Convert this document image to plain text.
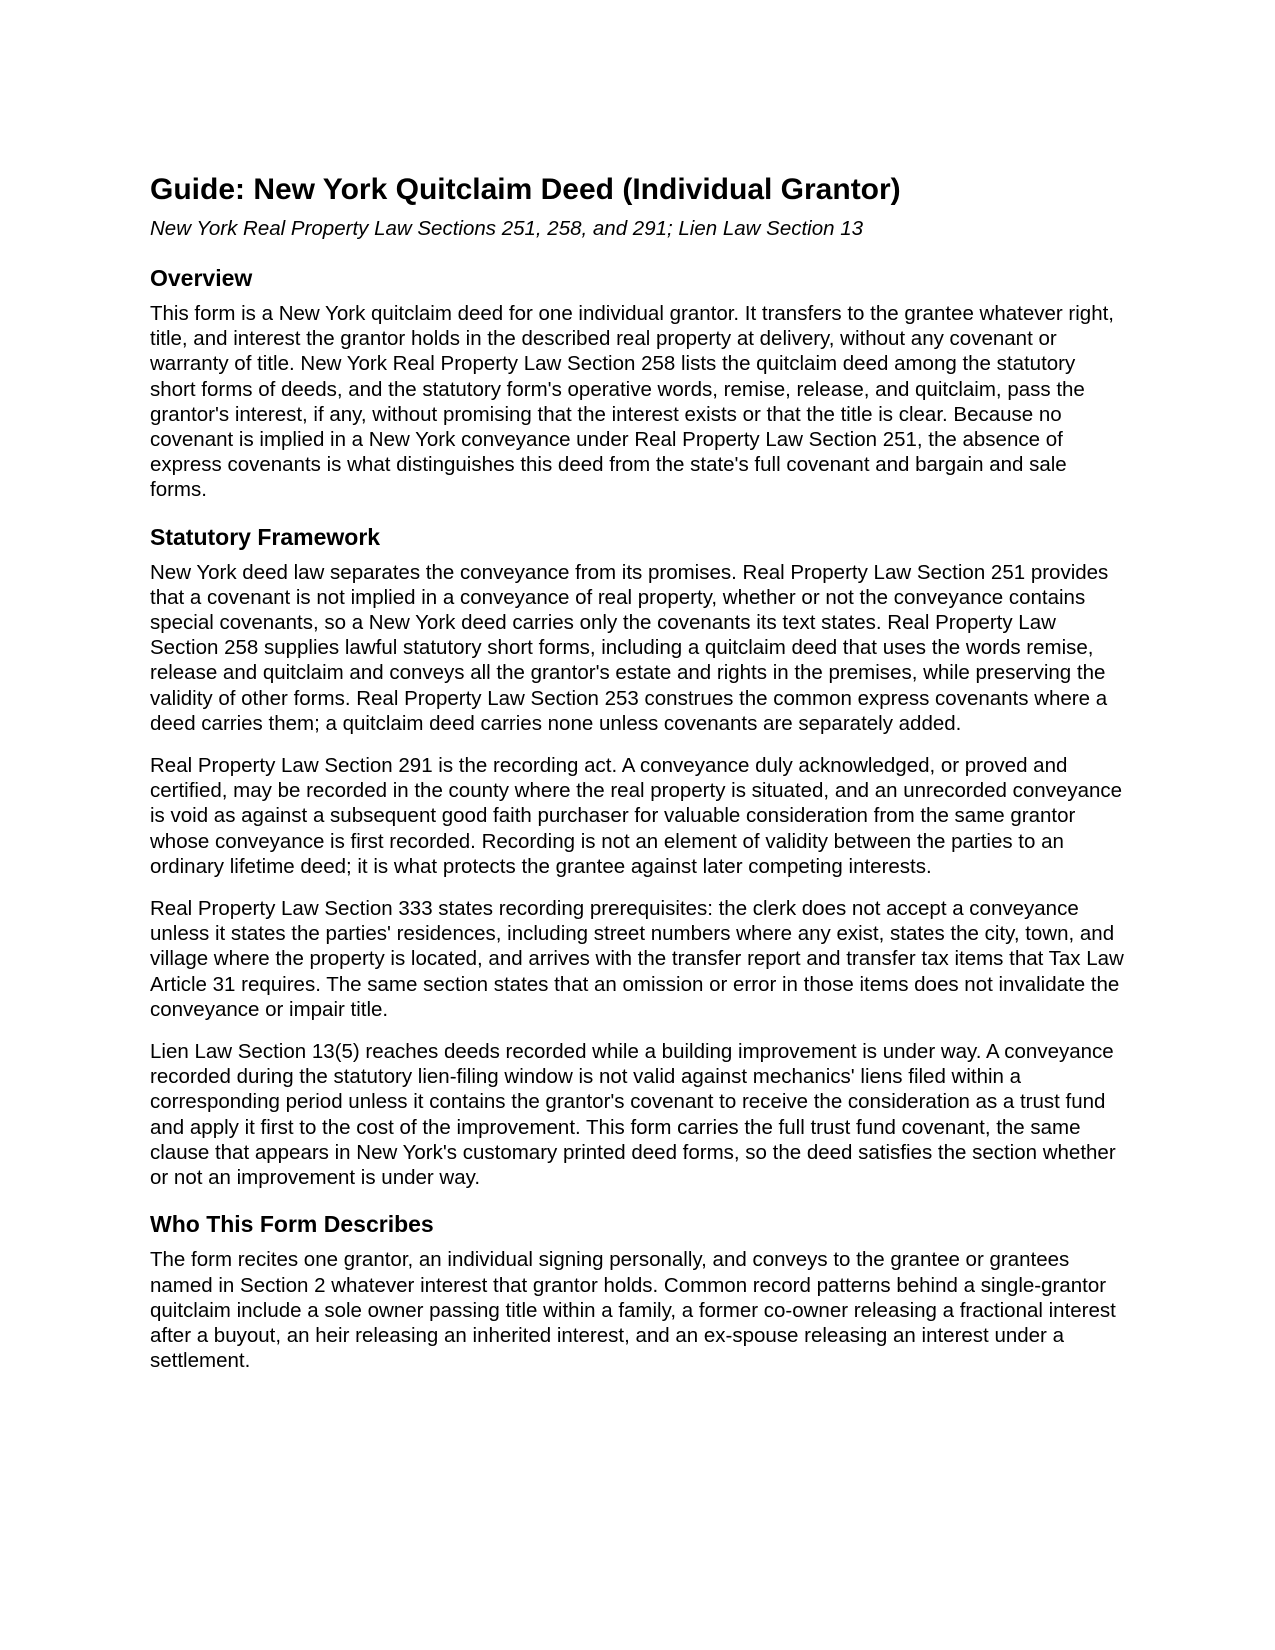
Guide: New York Quitclaim Deed (Individual Grantor)

New York Real Property Law Sections 251, 258, and 291; Lien Law Section 13

Overview

This form is a New York quitclaim deed for one individual grantor. It transfers to the grantee whatever right, title, and interest the grantor holds in the described real property at delivery, without any covenant or warranty of title. New York Real Property Law Section 258 lists the quitclaim deed among the statutory short forms of deeds, and the statutory form's operative words, remise, release, and quitclaim, pass the grantor's interest, if any, without promising that the interest exists or that the title is clear. Because no covenant is implied in a New York conveyance under Real Property Law Section 251, the absence of express covenants is what distinguishes this deed from the state's full covenant and bargain and sale forms.

Statutory Framework

New York deed law separates the conveyance from its promises. Real Property Law Section 251 provides that a covenant is not implied in a conveyance of real property, whether or not the conveyance contains special covenants, so a New York deed carries only the covenants its text states. Real Property Law Section 258 supplies lawful statutory short forms, including a quitclaim deed that uses the words remise, release and quitclaim and conveys all the grantor's estate and rights in the premises, while preserving the validity of other forms. Real Property Law Section 253 construes the common express covenants where a deed carries them; a quitclaim deed carries none unless covenants are separately added.

Real Property Law Section 291 is the recording act. A conveyance duly acknowledged, or proved and certified, may be recorded in the county where the real property is situated, and an unrecorded conveyance is void as against a subsequent good faith purchaser for valuable consideration from the same grantor whose conveyance is first recorded. Recording is not an element of validity between the parties to an ordinary lifetime deed; it is what protects the grantee against later competing interests.

Real Property Law Section 333 states recording prerequisites: the clerk does not accept a conveyance unless it states the parties' residences, including street numbers where any exist, states the city, town, and village where the property is located, and arrives with the transfer report and transfer tax items that Tax Law Article 31 requires. The same section states that an omission or error in those items does not invalidate the conveyance or impair title.

Lien Law Section 13(5) reaches deeds recorded while a building improvement is under way. A conveyance recorded during the statutory lien-filing window is not valid against mechanics' liens filed within a corresponding period unless it contains the grantor's covenant to receive the consideration as a trust fund and apply it first to the cost of the improvement. This form carries the full trust fund covenant, the same clause that appears in New York's customary printed deed forms, so the deed satisfies the section whether or not an improvement is under way.

Who This Form Describes

The form recites one grantor, an individual signing personally, and conveys to the grantee or grantees named in Section 2 whatever interest that grantor holds. Common record patterns behind a single-grantor quitclaim include a sole owner passing title within a family, a former co-owner releasing a fractional interest after a buyout, an heir releasing an inherited interest, and an ex-spouse releasing an interest under a settlement.
